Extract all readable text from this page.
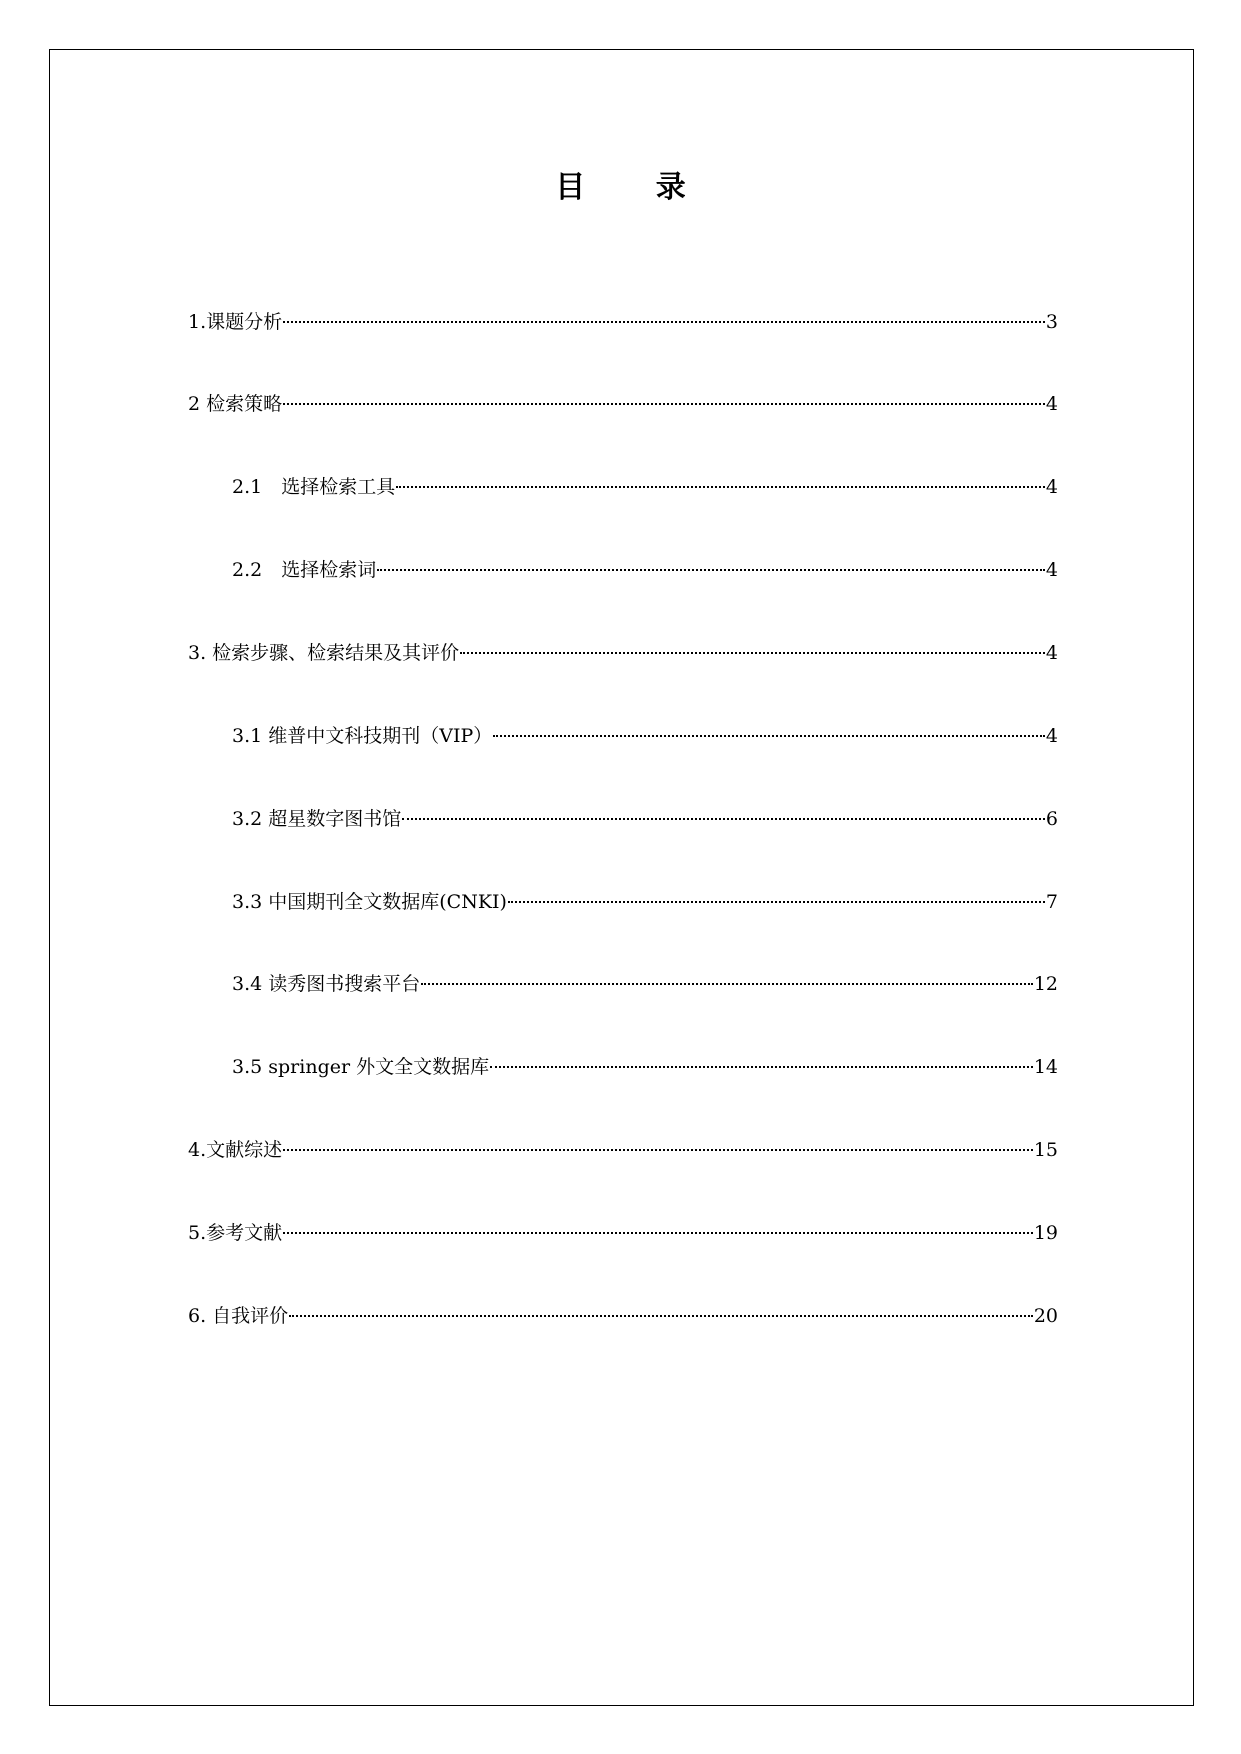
目 录
1.课题分析	3
2 检索策略	4
2.1　选择检索工具	4
2.2　选择检索词	4
3. 检索步骤、检索结果及其评价	4
3.1 维普中文科技期刊（VIP）	4
3.2 超星数字图书馆	6
3.3 中国期刊全文数据库(CNKI)	7
3.4 读秀图书搜索平台	12
3.5 springer 外文全文数据库	14
4.文献综述	15
5.参考文献	19
6. 自我评价	20
